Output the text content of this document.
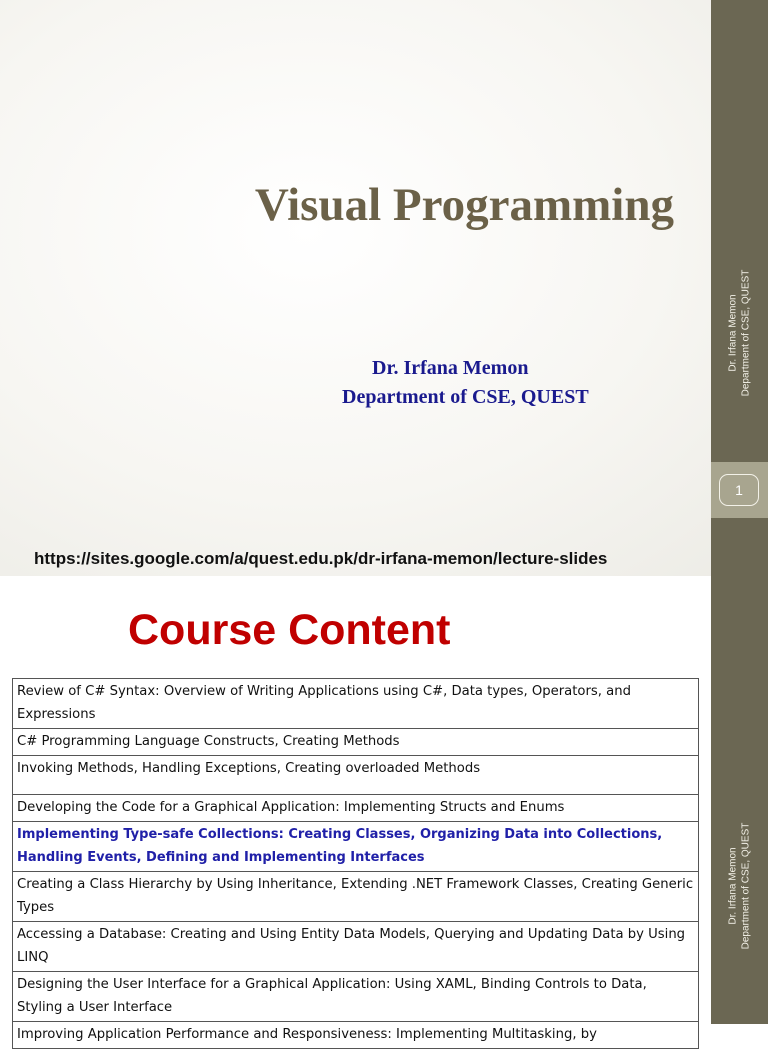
Visual Programming
Dr. Irfana Memon
Department of CSE, QUEST
https://sites.google.com/a/quest.edu.pk/dr-irfana-memon/lecture-slides
Dr. Irfana Memon Department of CSE, QUEST
1
Course Content
Review of C# Syntax: Overview of Writing Applications using C#, Data types, Operators, and Expressions
C# Programming Language Constructs, Creating Methods
Invoking Methods, Handling Exceptions, Creating overloaded Methods
Developing the Code for a Graphical Application: Implementing Structs and Enums
Implementing Type-safe Collections: Creating Classes, Organizing Data into Collections, Handling Events, Defining and Implementing Interfaces
Creating a Class Hierarchy by Using Inheritance, Extending .NET Framework Classes, Creating Generic Types
Accessing a Database: Creating and Using Entity Data Models, Querying and Updating Data by Using LINQ
Designing the User Interface for a Graphical Application: Using XAML, Binding Controls to Data, Styling a User Interface
Improving Application Performance and Responsiveness: Implementing Multitasking, by
Dr. Irfana Memon Department of CSE, QUEST
